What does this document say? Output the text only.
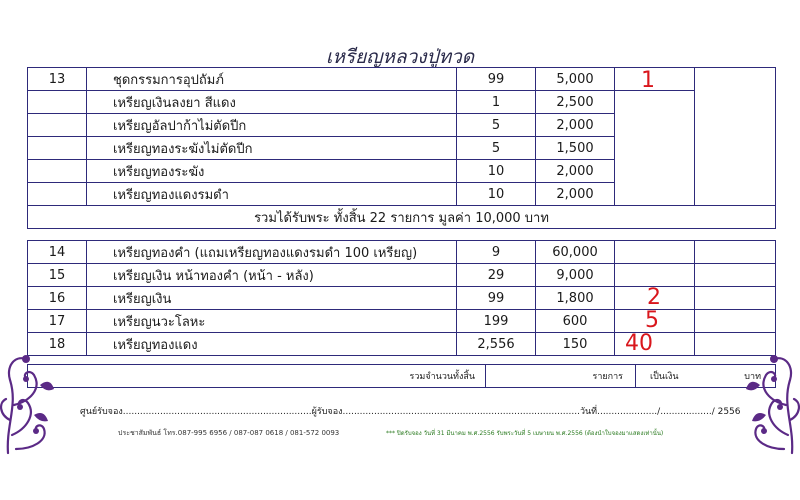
เหรียญหลวงปู่ทวด
13	ชุดกรรมการอุปถัมภ์	99	5,000	1	

	เหรียญเงินลงยา สีแดง	1	2,500		
	เหรียญอัลปาก้าไม่ตัดปีก	5	2,000		
	เหรียญทองระฆังไม่ตัดปีก	5	1,500		
	เหรียญทองระฆัง	10	2,000		
	เหรียญทองแดงรมดำ	10	2,000		
รวมได้รับพระ ทั้งสิ้น 22 รายการ มูลค่า 10,000 บาท					
14	เหรียญทองคำ (แถมเหรียญทองแดงรมดำ 100 เหรียญ)	9	60,000		
15	เหรียญเงิน หน้าทองคำ (หน้า - หลัง)	29	9,000		
16	เหรียญเงิน	99	1,800	2	

17	เหรียญนวะโลหะ	199	600	5	

18	เหรียญทองแดง	2,556	150	40	

รวมจำนวนทั้งสิ้น	รายการ	เป็นเงิน	บาท
ศูนย์รับจอง..................................................................ผู้รับจอง...................................................................................วันที่...................../................../ 2556
ประชาสัมพันธ์ โทร.087-995 6956 / 087-087 0618 / 081-572 0093	*** ปิดรับจอง วันที่ 31 มีนาคม พ.ศ.2556 รับพระวันที่ 5 เมษายน พ.ศ.2556 (ต้องนำใบจองมาแสดงเท่านั้น)
